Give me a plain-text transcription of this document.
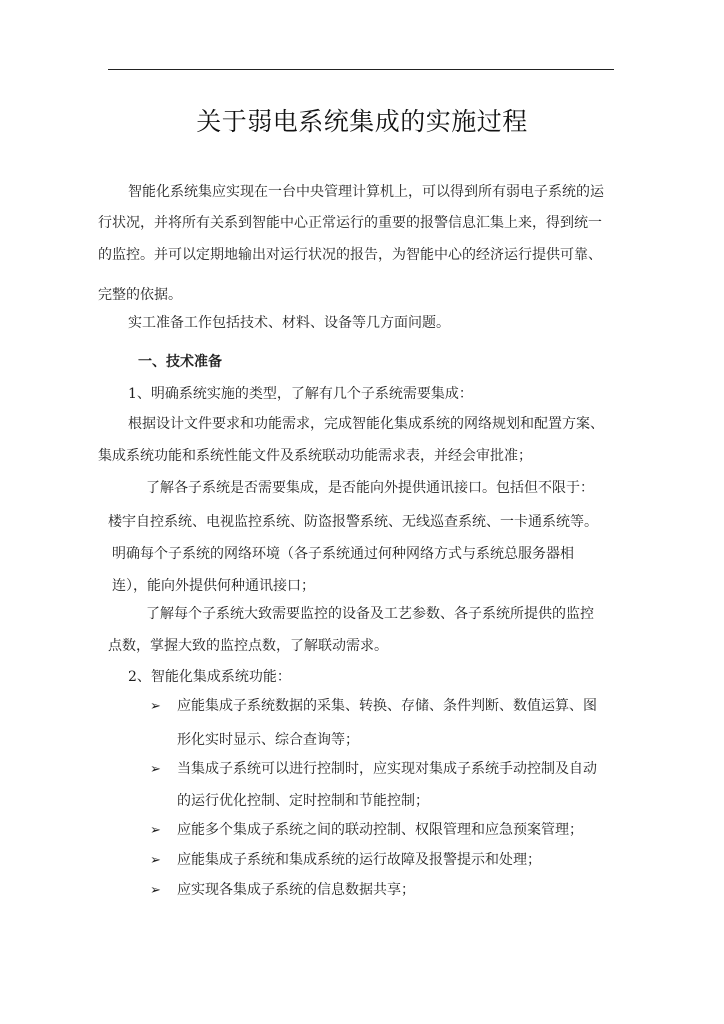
关于弱电系统集成的实施过程
智能化系统集应实现在一台中央管理计算机上，可以得到所有弱电子系统的运
行状况，并将所有关系到智能中心正常运行的重要的报警信息汇集上来，得到统一
的监控。并可以定期地输出对运行状况的报告，为智能中心的经济运行提供可靠、
完整的依据。
实工准备工作包括技术、材料、设备等几方面问题。
一、技术准备
1、明确系统实施的类型，了解有几个子系统需要集成：
根据设计文件要求和功能需求，完成智能化集成系统的网络规划和配置方案、
集成系统功能和系统性能文件及系统联动功能需求表，并经会审批准；
了解各子系统是否需要集成，是否能向外提供通讯接口。包括但不限于：
楼宇自控系统、电视监控系统、防盗报警系统、无线巡查系统、一卡通系统等。
明确每个子系统的网络环境（各子系统通过何种网络方式与系统总服务器相
连），能向外提供何种通讯接口；
了解每个子系统大致需要监控的设备及工艺参数、各子系统所提供的监控
点数，掌握大致的监控点数，了解联动需求。
2、智能化集成系统功能：
➢ 应能集成子系统数据的采集、转换、存储、条件判断、数值运算、图
形化实时显示、综合查询等；
➢ 当集成子系统可以进行控制时，应实现对集成子系统手动控制及自动
的运行优化控制、定时控制和节能控制；
➢ 应能多个集成子系统之间的联动控制、权限管理和应急预案管理；
➢ 应能集成子系统和集成系统的运行故障及报警提示和处理；
➢ 应实现各集成子系统的信息数据共享；
